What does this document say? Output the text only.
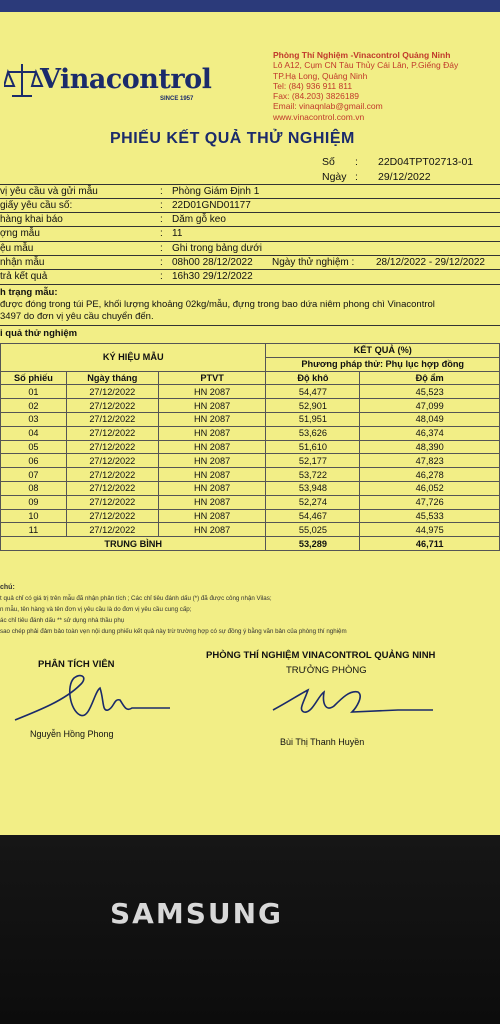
Vinacontrol
SINCE 1957
Phòng Thí Nghiệm -Vinacontrol Quảng Ninh
Lô A12, Cụm CN Tàu Thủy Cái Lân, P.Giếng Đáy
TP.Hạ Long, Quảng Ninh
Tel: (84) 936 911 811
Fax: (84.203) 3826189
Email: vinaqnlab@gmail.com
www.vinacontrol.com.vn
PHIẾU KẾT QUẢ THỬ NGHIỆM
Số : 22D04TPT02713-01
Ngày : 29/12/2022
vị yêu cầu và gửi mẫu	: Phòng Giám Định 1
giấy yêu cầu số:	: 22D01GND01177
hàng khai báo	: Dăm gỗ keo
ợng mẫu	: 11
ệu mẫu	: Ghi trong bảng dưới
nhận mẫu	: 08h00 28/12/2022 Ngày thử nghiệm : 28/12/2022 - 29/12/2022
trả kết quả	: 16h30 29/12/2022
h trạng mẫu:
được đóng trong túi PE, khối lượng khoảng 02kg/mẫu, đựng trong bao dứa niêm phong chì Vinacontrol
3497 do đơn vị yêu cầu chuyển đến.
i quả thử nghiệm
KÝ HIỆU MẪU			KẾT QUẢ (%)	
			Phương pháp thử: Phụ lục hợp đồng	
Số phiếu	Ngày tháng	PTVT	Độ khô	Độ ẩm
01	27/12/2022	HN 2087	54,477	45,523
02	27/12/2022	HN 2087	52,901	47,099
03	27/12/2022	HN 2087	51,951	48,049
04	27/12/2022	HN 2087	53,626	46,374
05	27/12/2022	HN 2087	51,610	48,390
06	27/12/2022	HN 2087	52,177	47,823
07	27/12/2022	HN 2087	53,722	46,278
08	27/12/2022	HN 2087	53,948	46,052
09	27/12/2022	HN 2087	52,274	47,726
10	27/12/2022	HN 2087	54,467	45,533
11	27/12/2022	HN 2087	55,025	44,975
TRUNG BÌNH			53,289	46,711
chú:
t quả chỉ có giá trị trên mẫu đã nhận phân tích ; Các chỉ tiêu đánh dấu (*) đã được công nhận Vilas;
n mẫu, tên hàng và tên đơn vị yêu cầu là do đơn vị yêu cầu cung cấp;
ác chỉ tiêu đánh dấu ** sử dụng nhà thầu phụ
sao chép phải đảm bảo toàn vẹn nội dung phiếu kết quả này trừ trường hợp có sự đồng ý bằng văn bản của phòng thí nghiệm
PHÂN TÍCH VIÊN
PHÒNG THÍ NGHIỆM VINACONTROL QUẢNG NINH
TRƯỞNG PHÒNG
Nguyễn Hồng Phong
Bùi Thị Thanh Huyền
SAMSUNG
